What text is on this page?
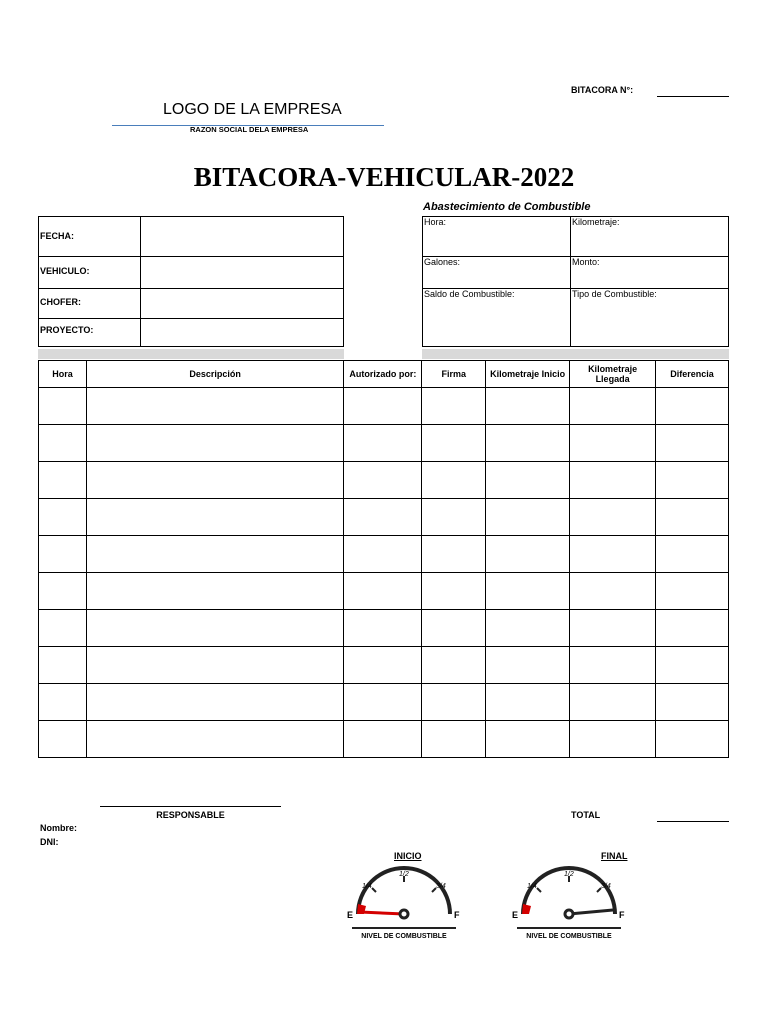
BITACORA N°:
LOGO DE LA EMPRESA
RAZON SOCIAL DELA EMPRESA
BITACORA-VEHICULAR-2022
FECHA:
VEHICULO:
CHOFER:
PROYECTO:
Abastecimiento de Combustible
Hora:	Kilometraje:
Galones:	Monto:
Saldo de Combustible:	Tipo de Combustible:
Hora	Descripción	Autorizado por:	Firma	Kilometraje Inicio	Kilometraje Llegada	Diferencia

RESPONSABLE	TOTAL
Nombre:
DNI:
INICIO	FINAL
1/4
1/2
3/4
E	F
NIVEL DE COMBUSTIBLE
1/4
1/2
3/4
E	F
NIVEL DE COMBUSTIBLE
